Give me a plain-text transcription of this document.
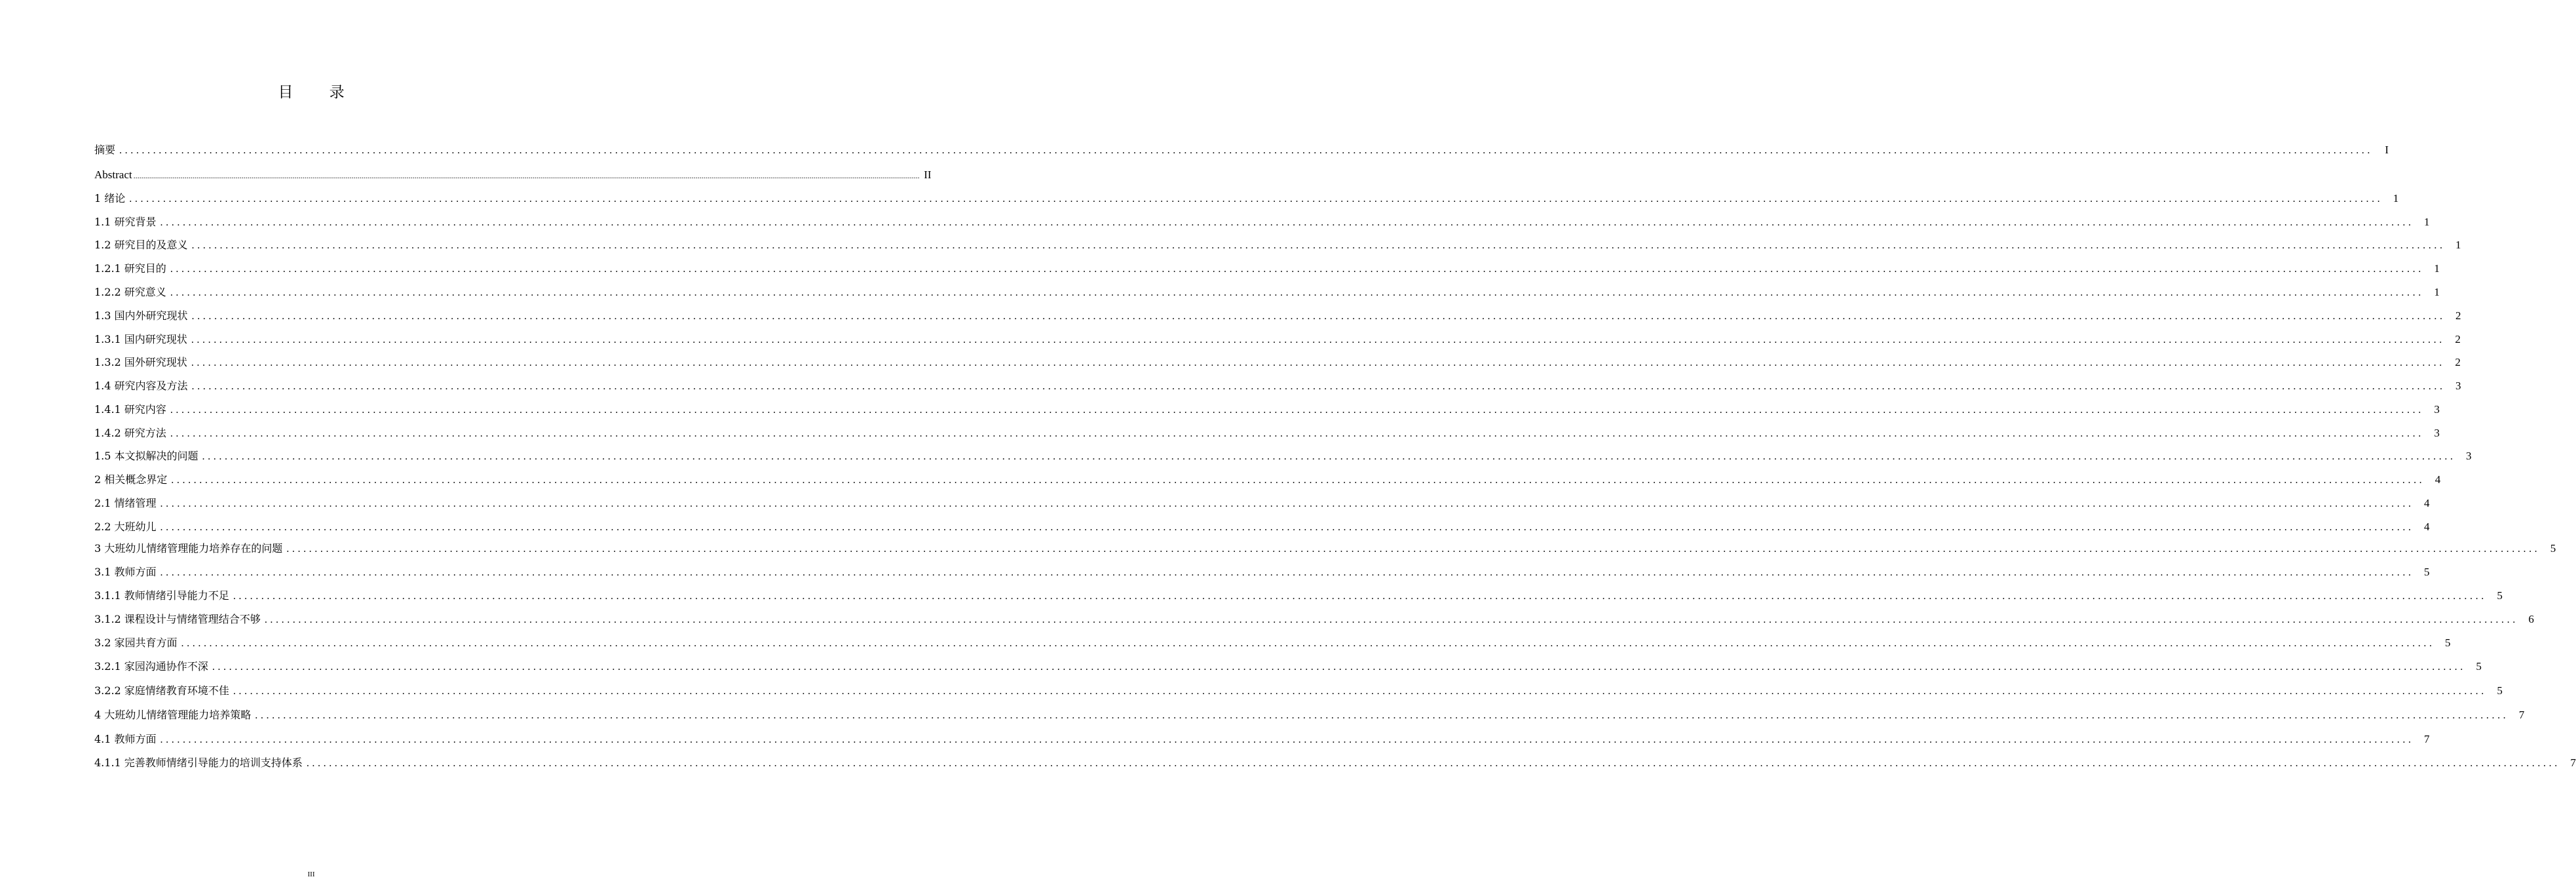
目 录
摘要 ................................................................................................................................................................................................................................................................................................................................................................................................................	I
Abstract ................................................................................................................................................................................................................................................................................................................................................................................................................ II
1 绪论 ................................................................................................................................................................................................................................................................................................................................................................................................................ 1
1.1 研究背景 ................................................................................................................................................................................................................................................................................................................................................................................................................ 1
1.2 研究目的及意义 ................................................................................................................................................................................................................................................................................................................................................................................................................ 1
1.2.1 研究目的 ................................................................................................................................................................................................................................................................................................................................................................................................................ 1
1.2.2 研究意义 ................................................................................................................................................................................................................................................................................................................................................................................................................ 1
1.3 国内外研究现状 ................................................................................................................................................................................................................................................................................................................................................................................................................ 2
1.3.1 国内研究现状 ................................................................................................................................................................................................................................................................................................................................................................................................................ 2
1.3.2 国外研究现状 ................................................................................................................................................................................................................................................................................................................................................................................................................ 2
1.4 研究内容及方法 ................................................................................................................................................................................................................................................................................................................................................................................................................ 3
1.4.1 研究内容 ................................................................................................................................................................................................................................................................................................................................................................................................................ 3
1.4.2 研究方法 ................................................................................................................................................................................................................................................................................................................................................................................................................ 3
1.5 本文拟解决的问题 ................................................................................................................................................................................................................................................................................................................................................................................................................ 3
2 相关概念界定 ................................................................................................................................................................................................................................................................................................................................................................................................................ 4
2.1 情绪管理 ................................................................................................................................................................................................................................................................................................................................................................................................................ 4
2.2 大班幼儿 ................................................................................................................................................................................................................................................................................................................................................................................................................ 4
3 大班幼儿情绪管理能力培养存在的问题 ................................................................................................................................................................................................................................................................................................................................................................................................................ 5
3.1 教师方面 ................................................................................................................................................................................................................................................................................................................................................................................................................ 5
3.1.1 教师情绪引导能力不足 ................................................................................................................................................................................................................................................................................................................................................................................................................ 5
3.1.2 课程设计与情绪管理结合不够 ................................................................................................................................................................................................................................................................................................................................................................................................................ 6
3.2 家园共育方面 ................................................................................................................................................................................................................................................................................................................................................................................................................ 5
3.2.1 家园沟通协作不深 ................................................................................................................................................................................................................................................................................................................................................................................................................ 5
3.2.2 家庭情绪教育环境不佳 ................................................................................................................................................................................................................................................................................................................................................................................................................ 5
4 大班幼儿情绪管理能力培养策略 ................................................................................................................................................................................................................................................................................................................................................................................................................ 7
4.1 教师方面 ................................................................................................................................................................................................................................................................................................................................................................................................................ 7
4.1.1 完善教师情绪引导能力的培训支持体系 ................................................................................................................................................................................................................................................................................................................................................................................................................ 7
III
